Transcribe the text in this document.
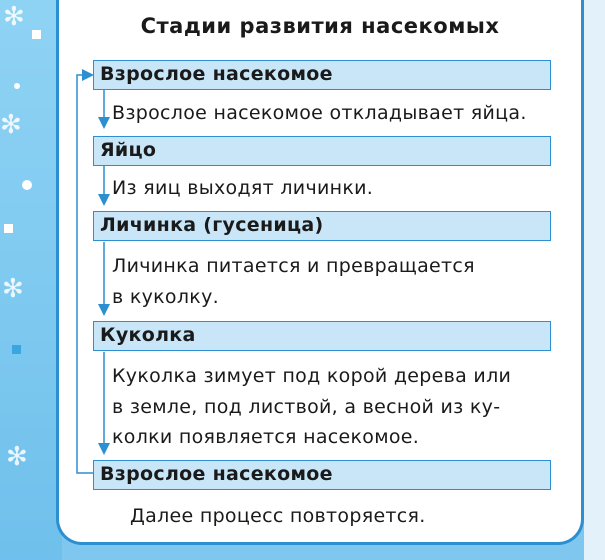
✻
✻
✻
✻
Стадии развития насекомых
Взрослое насекомое
Взрослое насекомое откладывает яйца.
Яйцо
Из яиц выходят личинки.
Личинка (гусеница)
Личинка питается и превращается
в куколку.
Куколка
Куколка зимует под корой дерева или
в земле, под листвой, а весной из ку-
колки появляется насекомое.
Взрослое насекомое
Далее процесс повторяется.
